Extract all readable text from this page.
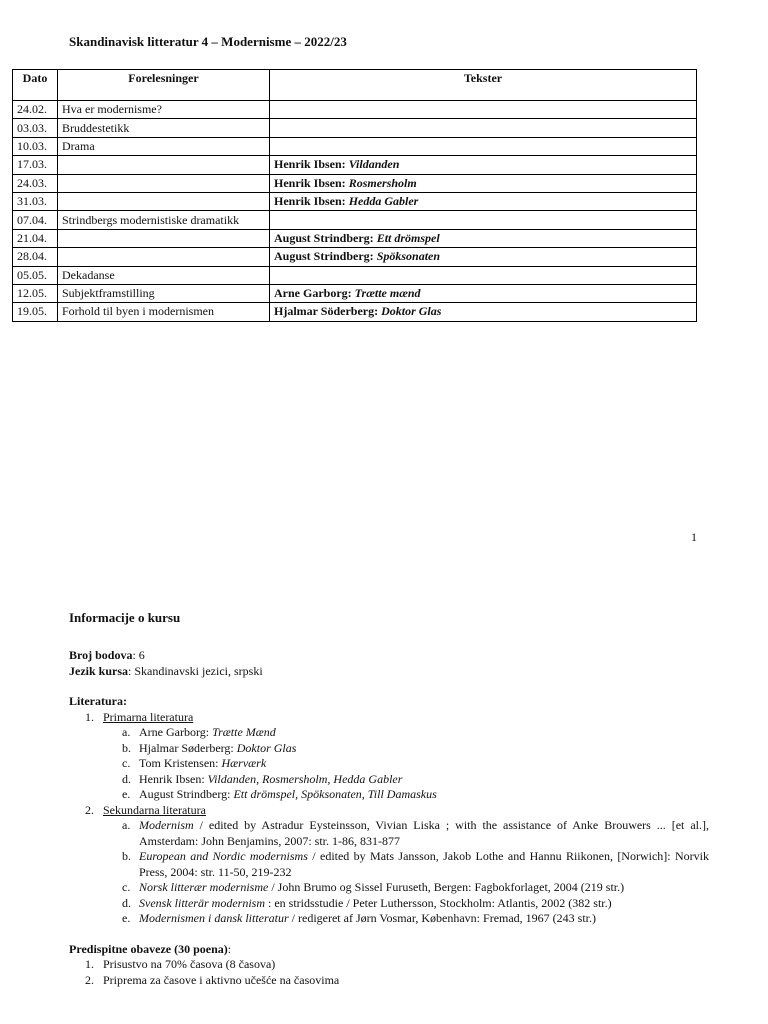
Skandinavisk litteratur 4 – Modernisme – 2022/23
Dato	Forelesninger	Tekster
24.02.	Hva er modernisme?	
03.03.	Bruddestetikk	
10.03.	Drama	
17.03.		Henrik Ibsen: Vildanden
24.03.		Henrik Ibsen: Rosmersholm
31.03.		Henrik Ibsen: Hedda Gabler
07.04.	Strindbergs modernistiske dramatikk	
21.04.		August Strindberg: Ett drömspel
28.04.		August Strindberg: Spöksonaten
05.05.	Dekadanse	
12.05.	Subjektframstilling	Arne Garborg: Trætte mænd
19.05.	Forhold til byen i modernismen	Hjalmar Söderberg: Doktor Glas
1
Informacije o kursu
Broj bodova: 6
Jezik kursa: Skandinavski jezici, srpski
Literatura:
1. Primarna literatura
a. Arne Garborg: Trætte Mænd
b. Hjalmar Søderberg: Doktor Glas
c. Tom Kristensen: Hærværk
d. Henrik Ibsen: Vildanden, Rosmersholm, Hedda Gabler
e. August Strindberg: Ett drömspel, Spöksonaten, Till Damaskus
2. Sekundarna literatura
a. Modernism / edited by Astradur Eysteinsson, Vivian Liska ; with the assistance of Anke Brouwers ... [et al.], Amsterdam: John Benjamins, 2007: str. 1-86, 831-877
b. European and Nordic modernisms / edited by Mats Jansson, Jakob Lothe and Hannu Riikonen, [Norwich]: Norvik Press, 2004: str. 11-50, 219-232
c. Norsk litterær modernisme / John Brumo og Sissel Furuseth, Bergen: Fagbokforlaget, 2004 (219 str.)
d. Svensk litterär modernism : en stridsstudie / Peter Luthersson, Stockholm: Atlantis, 2002 (382 str.)
e. Modernismen i dansk litteratur / redigeret af Jørn Vosmar, København: Fremad, 1967 (243 str.)
Predispitne obaveze (30 poena):
1. Prisustvo na 70% časova (8 časova)
2. Priprema za časove i aktivno učešće na časovima
